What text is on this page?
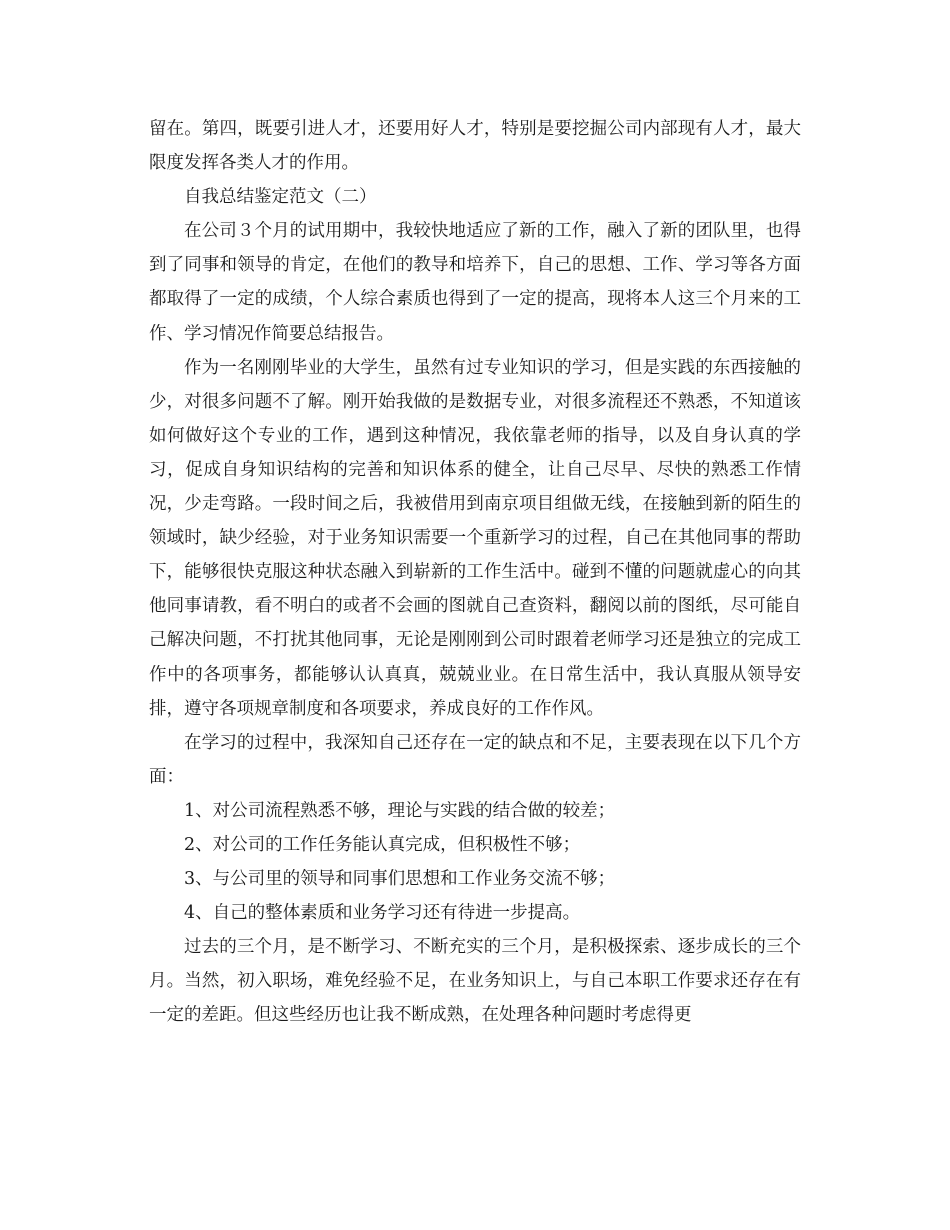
留在。第四，既要引进人才，还要用好人才，特别是要挖掘公司内部现有人才，最大限度发挥各类人才的作用。

自我总结鉴定范文（二）

在公司３个月的试用期中，我较快地适应了新的工作，融入了新的团队里，也得到了同事和领导的肯定，在他们的教导和培养下，自己的思想、工作、学习等各方面都取得了一定的成绩，个人综合素质也得到了一定的提高，现将本人这三个月来的工作、学习情况作简要总结报告。

作为一名刚刚毕业的大学生，虽然有过专业知识的学习，但是实践的东西接触的少，对很多问题不了解。刚开始我做的是数据专业，对很多流程还不熟悉，不知道该如何做好这个专业的工作，遇到这种情况，我依靠老师的指导，以及自身认真的学习，促成自身知识结构的完善和知识体系的健全，让自己尽早、尽快的熟悉工作情况，少走弯路。一段时间之后，我被借用到南京项目组做无线，在接触到新的陌生的领域时，缺少经验，对于业务知识需要一个重新学习的过程，自己在其他同事的帮助下，能够很快克服这种状态融入到崭新的工作生活中。碰到不懂的问题就虚心的向其他同事请教，看不明白的或者不会画的图就自己查资料，翻阅以前的图纸，尽可能自己解决问题，不打扰其他同事，无论是刚刚到公司时跟着老师学习还是独立的完成工作中的各项事务，都能够认认真真，兢兢业业。在日常生活中，我认真服从领导安排，遵守各项规章制度和各项要求，养成良好的工作作风。

在学习的过程中，我深知自己还存在一定的缺点和不足，主要表现在以下几个方面：

1、对公司流程熟悉不够，理论与实践的结合做的较差；

2、对公司的工作任务能认真完成，但积极性不够；

3、与公司里的领导和同事们思想和工作业务交流不够；

4、自己的整体素质和业务学习还有待进一步提高。

过去的三个月，是不断学习、不断充实的三个月，是积极探索、逐步成长的三个月。当然，初入职场，难免经验不足，在业务知识上，与自己本职工作要求还存在有一定的差距。但这些经历也让我不断成熟，在处理各种问题时考虑得更
